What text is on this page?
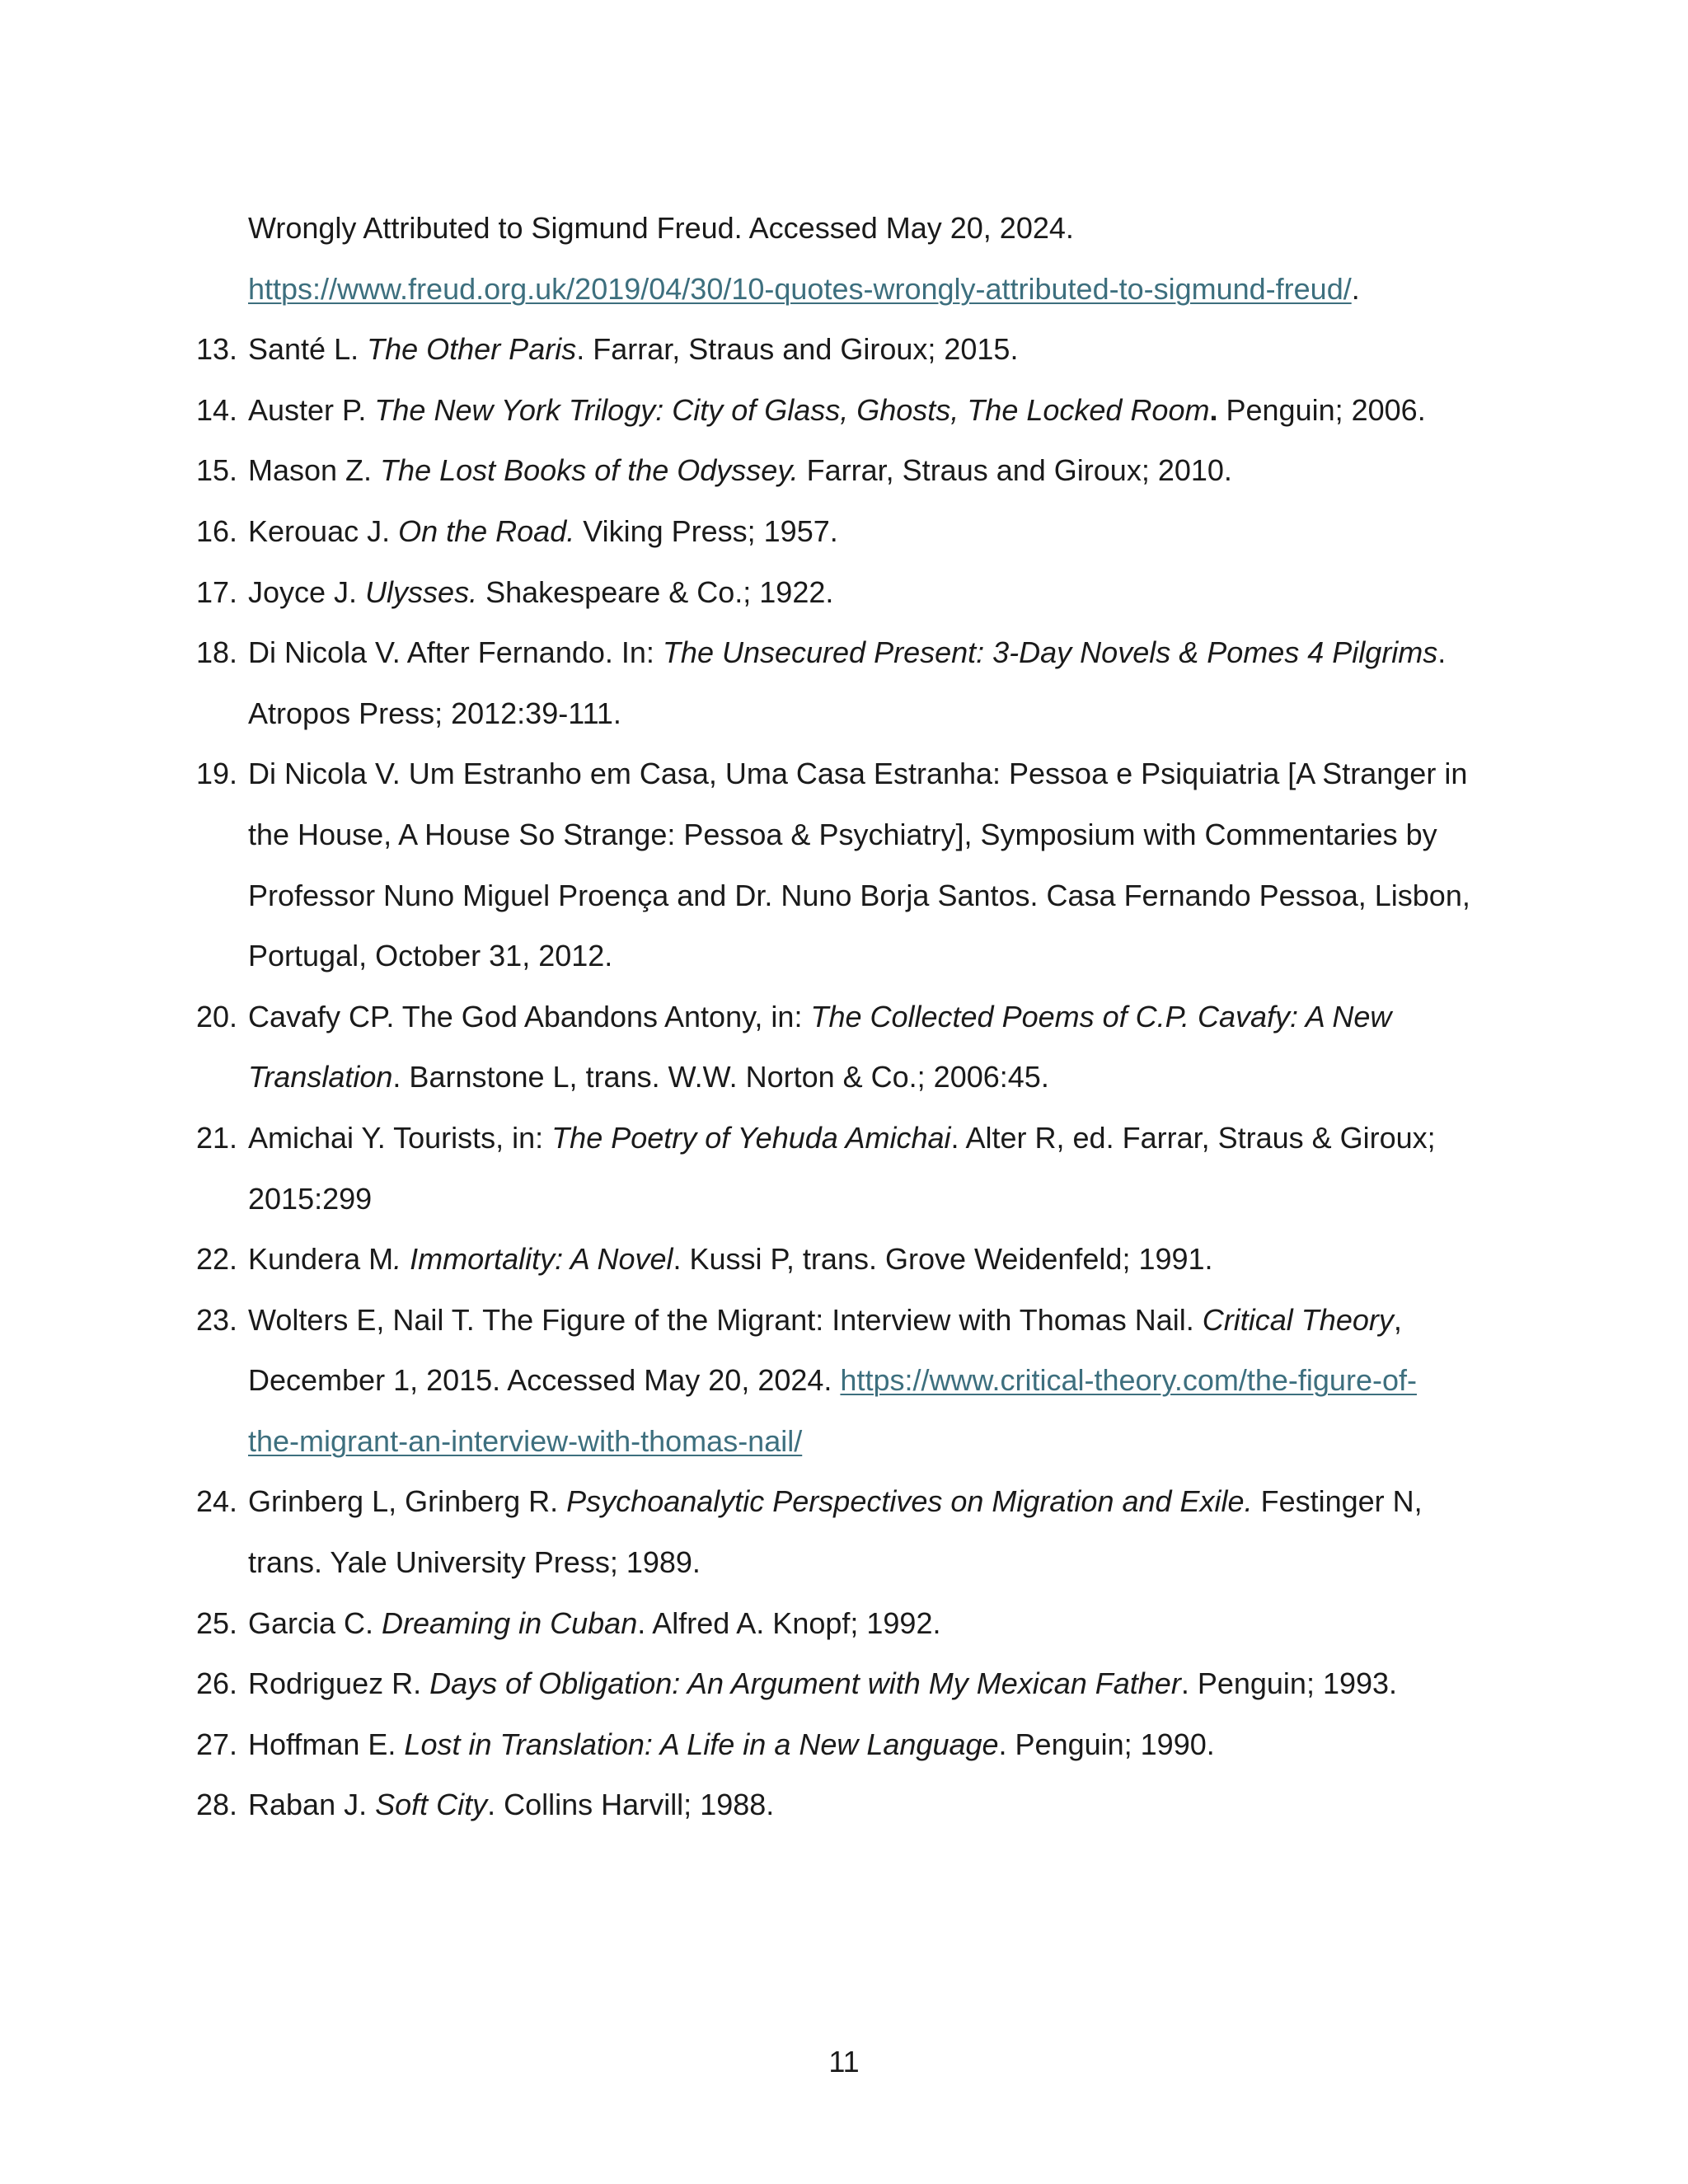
Wrongly Attributed to Sigmund Freud. Accessed May 20, 2024.
https://www.freud.org.uk/2019/04/30/10-quotes-wrongly-attributed-to-sigmund-freud/.
13. Santé L. The Other Paris. Farrar, Straus and Giroux; 2015.
14. Auster P. The New York Trilogy: City of Glass, Ghosts, The Locked Room. Penguin; 2006.
15. Mason Z. The Lost Books of the Odyssey. Farrar, Straus and Giroux; 2010.
16. Kerouac J. On the Road. Viking Press; 1957.
17. Joyce J. Ulysses. Shakespeare & Co.; 1922.
18. Di Nicola V. After Fernando. In: The Unsecured Present: 3-Day Novels & Pomes 4 Pilgrims.
Atropos Press; 2012:39-111.
19. Di Nicola V. Um Estranho em Casa, Uma Casa Estranha: Pessoa e Psiquiatria [A Stranger in
the House, A House So Strange: Pessoa & Psychiatry], Symposium with Commentaries by
Professor Nuno Miguel Proença and Dr. Nuno Borja Santos. Casa Fernando Pessoa, Lisbon,
Portugal, October 31, 2012.
20. Cavafy CP. The God Abandons Antony, in: The Collected Poems of C.P. Cavafy: A New
Translation. Barnstone L, trans. W.W. Norton & Co.; 2006:45.
21. Amichai Y. Tourists, in: The Poetry of Yehuda Amichai. Alter R, ed. Farrar, Straus & Giroux;
2015:299
22. Kundera M. Immortality: A Novel. Kussi P, trans. Grove Weidenfeld; 1991.
23. Wolters E, Nail T. The Figure of the Migrant: Interview with Thomas Nail. Critical Theory,
December 1, 2015. Accessed May 20, 2024. https://www.critical-theory.com/the-figure-of-
the-migrant-an-interview-with-thomas-nail/
24. Grinberg L, Grinberg R. Psychoanalytic Perspectives on Migration and Exile. Festinger N,
trans. Yale University Press; 1989.
25. Garcia C. Dreaming in Cuban. Alfred A. Knopf; 1992.
26. Rodriguez R. Days of Obligation: An Argument with My Mexican Father. Penguin; 1993.
27. Hoffman E. Lost in Translation: A Life in a New Language. Penguin; 1990.
28. Raban J. Soft City. Collins Harvill; 1988.
11
